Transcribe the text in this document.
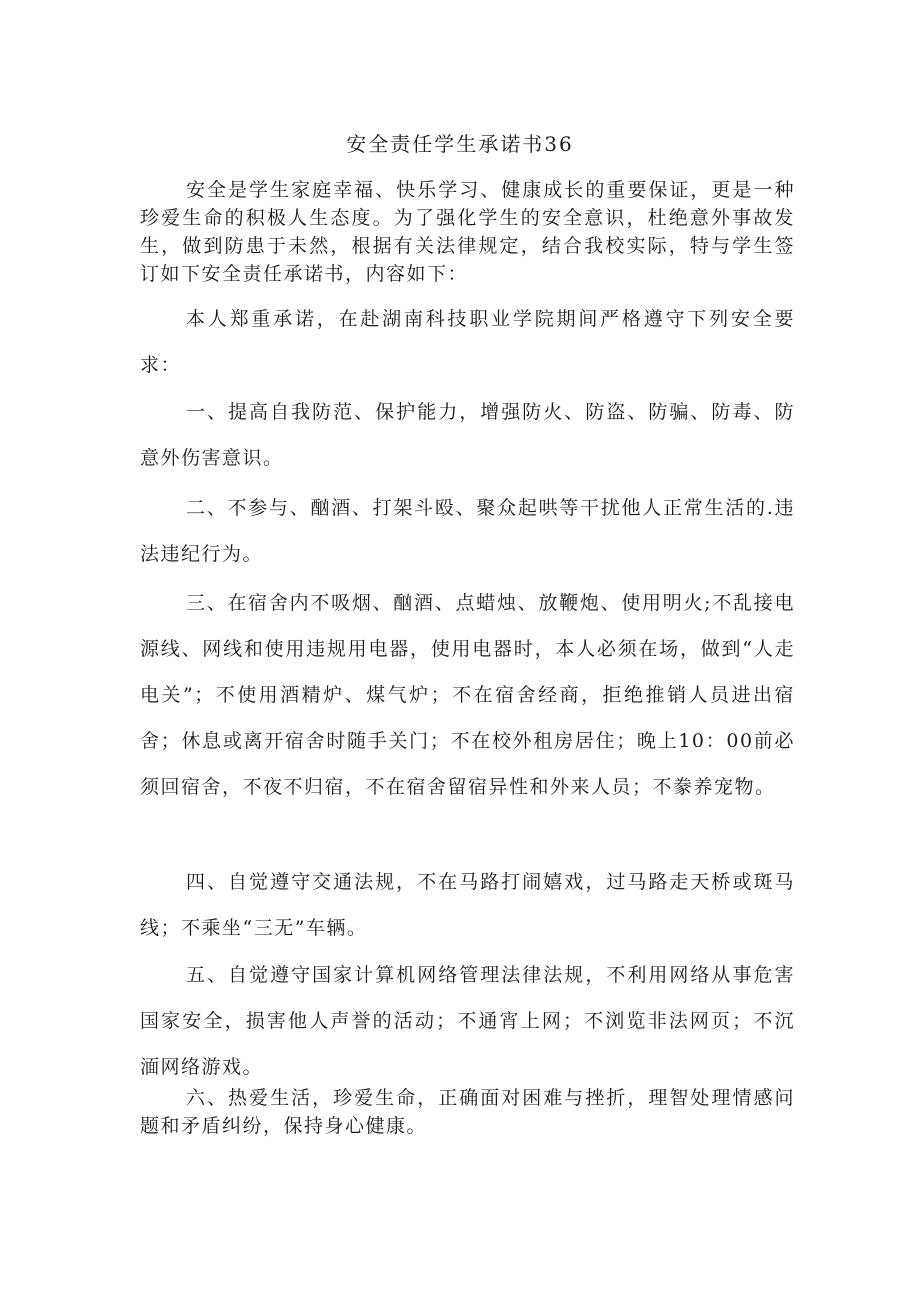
安全责任学生承诺书36
安全是学生家庭幸福、快乐学习、健康成长的重要保证，更是一种珍爱生命的积极人生态度。为了强化学生的安全意识，杜绝意外事故发生，做到防患于未然，根据有关法律规定，结合我校实际，特与学生签订如下安全责任承诺书，内容如下：
本人郑重承诺，在赴湖南科技职业学院期间严格遵守下列安全要求：
一、提高自我防范、保护能力，增强防火、防盗、防骗、防毒、防意外伤害意识。
二、不参与、酗酒、打架斗殴、聚众起哄等干扰他人正常生活的.违法违纪行为。
三、在宿舍内不吸烟、酗酒、点蜡烛、放鞭炮、使用明火;不乱接电源线、网线和使用违规用电器，使用电器时，本人必须在场，做到“人走电关”；不使用酒精炉、煤气炉；不在宿舍经商，拒绝推销人员进出宿舍；休息或离开宿舍时随手关门；不在校外租房居住；晚上10：00前必须回宿舍，不夜不归宿，不在宿舍留宿异性和外来人员；不豢养宠物。
四、自觉遵守交通法规，不在马路打闹嬉戏，过马路走天桥或斑马线；不乘坐“三无”车辆。
五、自觉遵守国家计算机网络管理法律法规，不利用网络从事危害国家安全，损害他人声誉的活动；不通宵上网；不浏览非法网页；不沉湎网络游戏。
六、热爱生活，珍爱生命，正确面对困难与挫折，理智处理情感问题和矛盾纠纷，保持身心健康。
